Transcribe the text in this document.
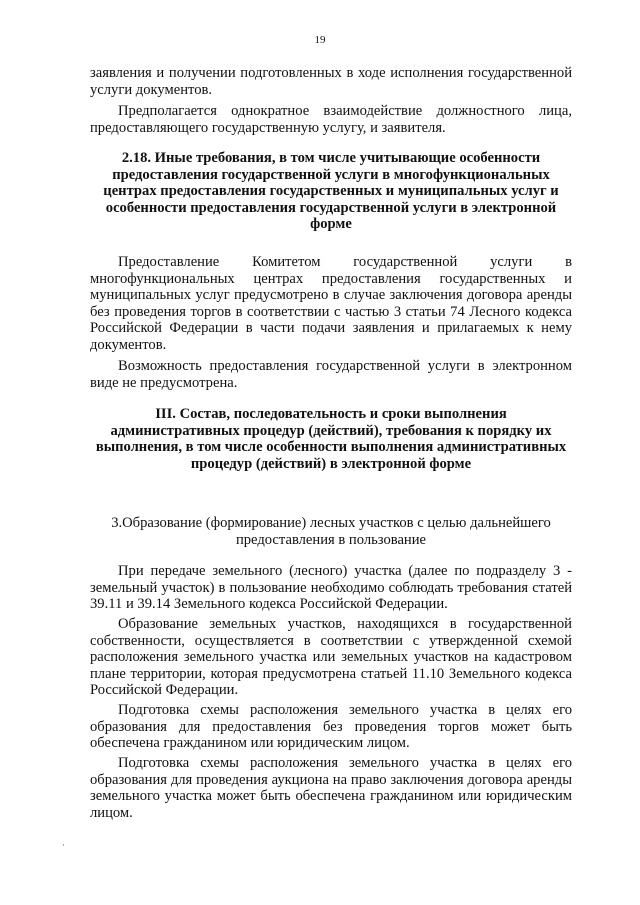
19

заявления и получении подготовленных в ходе исполнения государственной услуги документов.

Предполагается однократное взаимодействие должностного лица, предоставляющего государственную услугу, и заявителя.

2.18. Иные требования, в том числе учитывающие особенности предоставления государственной услуги в многофункциональных центрах предоставления государственных и муниципальных услуг и особенности предоставления государственной услуги в электронной форме

Предоставление Комитетом государственной услуги в многофункциональных центрах предоставления государственных и муниципальных услуг предусмотрено в случае заключения договора аренды без проведения торгов в соответствии с частью 3 статьи 74 Лесного кодекса Российской Федерации в части подачи заявления и прилагаемых к нему документов.

Возможность предоставления государственной услуги в электронном виде не предусмотрена.

III. Состав, последовательность и сроки выполнения административных процедур (действий), требования к порядку их выполнения, в том числе особенности выполнения административных процедур (действий) в электронной форме

3.Образование (формирование) лесных участков с целью дальнейшего предоставления в пользование

При передаче земельного (лесного) участка (далее по подразделу 3 - земельный участок) в пользование необходимо соблюдать требования статей 39.11 и 39.14 Земельного кодекса Российской Федерации.

Образование земельных участков, находящихся в государственной собственности, осуществляется в соответствии с утвержденной схемой расположения земельного участка или земельных участков на кадастровом плане территории, которая предусмотрена статьей 11.10 Земельного кодекса Российской Федерации.

Подготовка схемы расположения земельного участка в целях его образования для предоставления без проведения торгов может быть обеспечена гражданином или юридическим лицом.

Подготовка схемы расположения земельного участка в целях его образования для проведения аукциона на право заключения договора аренды земельного участка может быть обеспечена гражданином или юридическим лицом.

·
